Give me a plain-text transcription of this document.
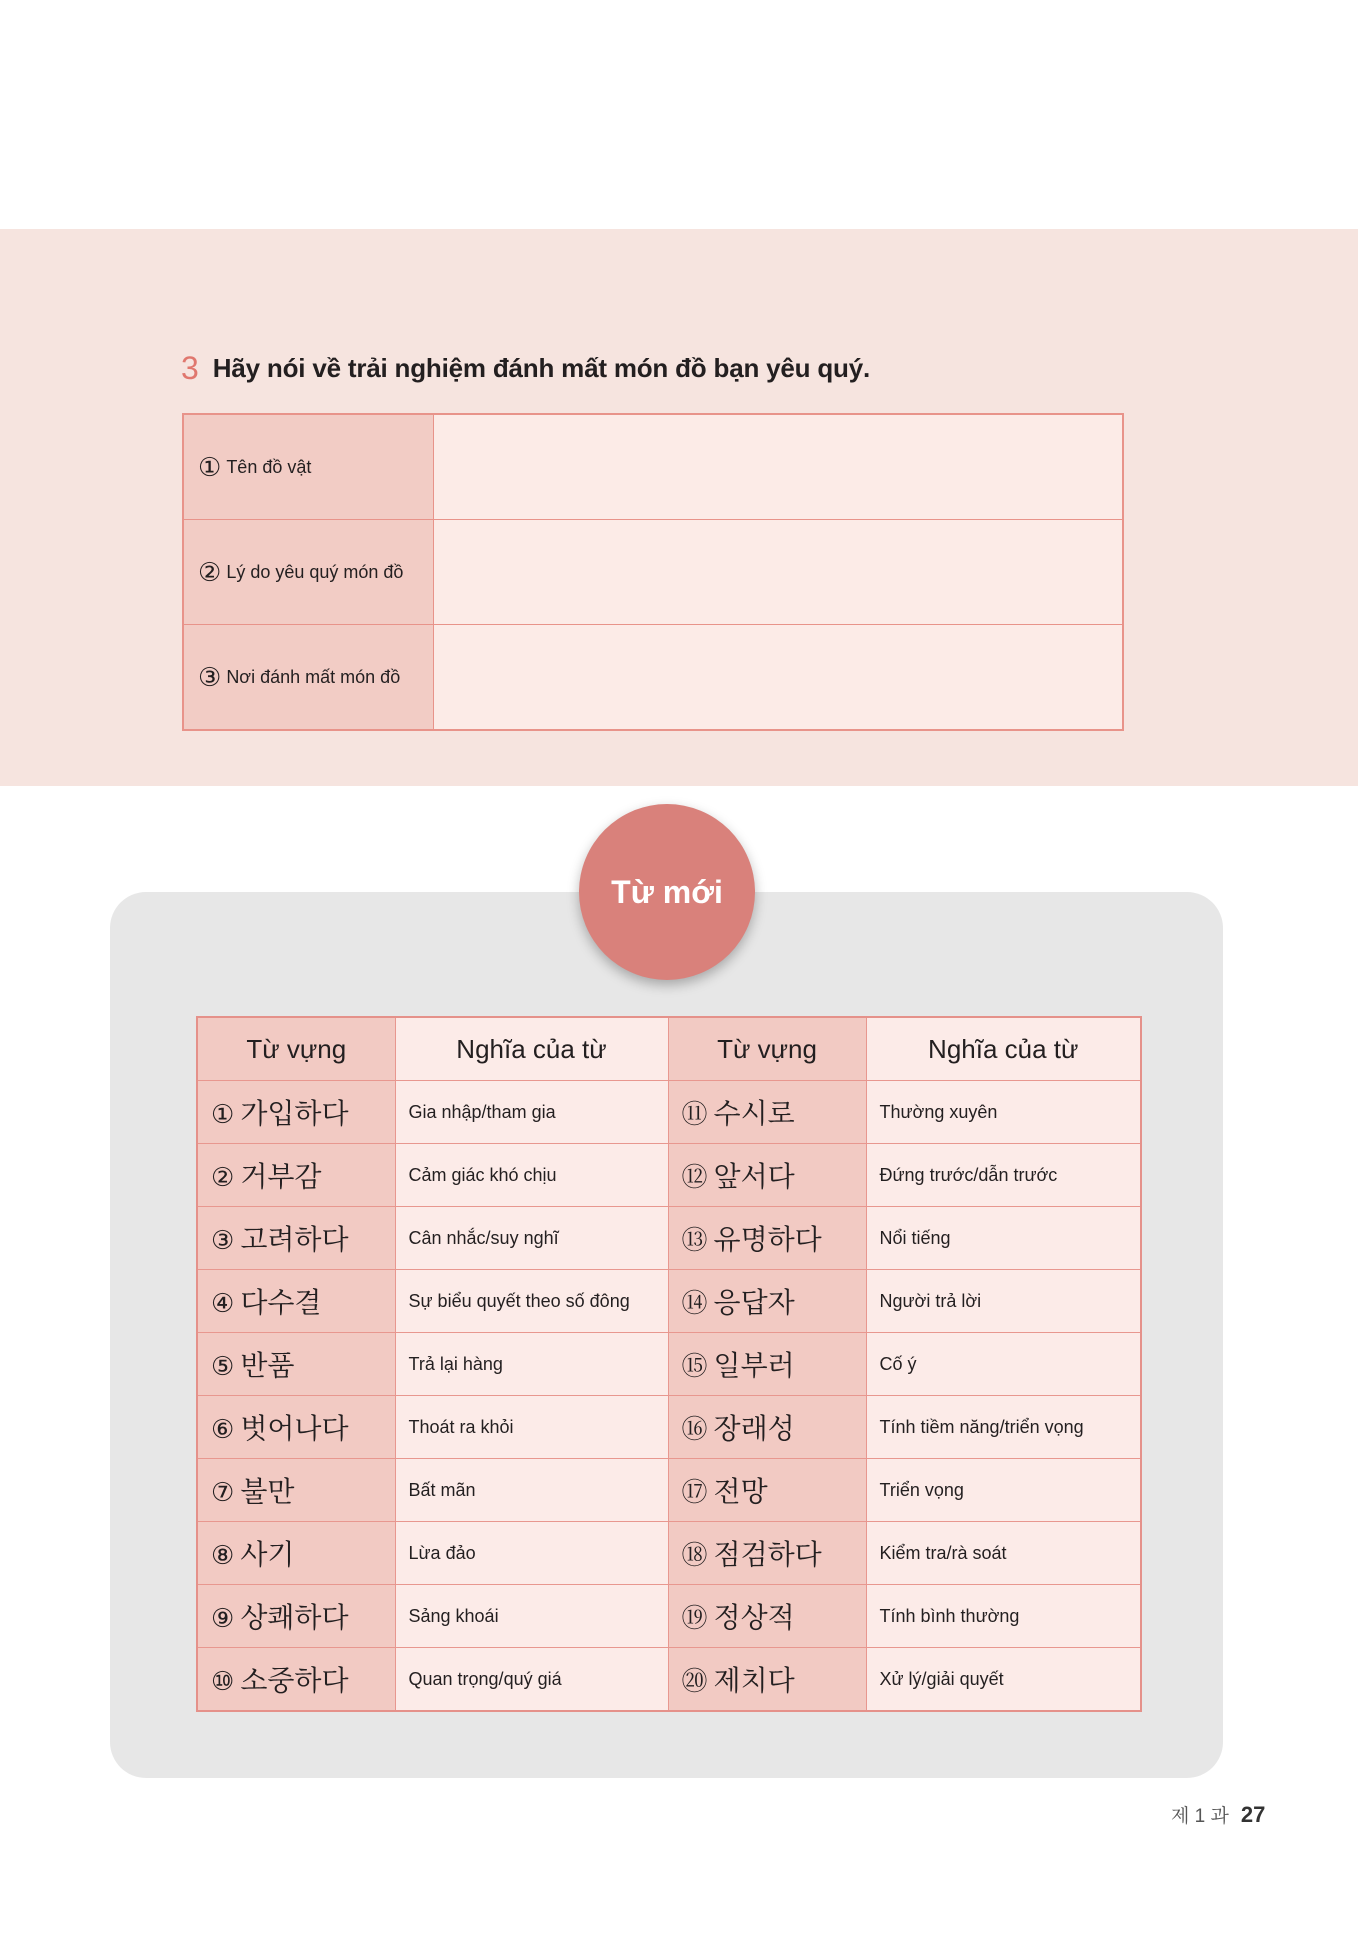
3 Hãy nói về trải nghiệm đánh mất món đồ bạn yêu quý.
① Tên đồ vật
② Lý do yêu quý món đồ
③ Nơi đánh mất món đồ
Từ mới
Từ vựng	Nghĩa của từ	Từ vựng	Nghĩa của từ
① 가입하다	Gia nhập/tham gia	⑪ 수시로	Thường xuyên
② 거부감	Cảm giác khó chịu	⑫ 앞서다	Đứng trước/dẫn trước
③ 고려하다	Cân nhắc/suy nghĩ	⑬ 유명하다	Nổi tiếng
④ 다수결	Sự biểu quyết theo số đông	⑭ 응답자	Người trả lời
⑤ 반품	Trả lại hàng	⑮ 일부러	Cố ý
⑥ 벗어나다	Thoát ra khỏi	⑯ 장래성	Tính tiềm năng/triển vọng
⑦ 불만	Bất mãn	⑰ 전망	Triển vọng
⑧ 사기	Lừa đảo	⑱ 점검하다	Kiểm tra/rà soát
⑨ 상쾌하다	Sảng khoái	⑲ 정상적	Tính bình thường
⑩ 소중하다	Quan trọng/quý giá	⑳ 제치다	Xử lý/giải quyết
제 1 과 27
